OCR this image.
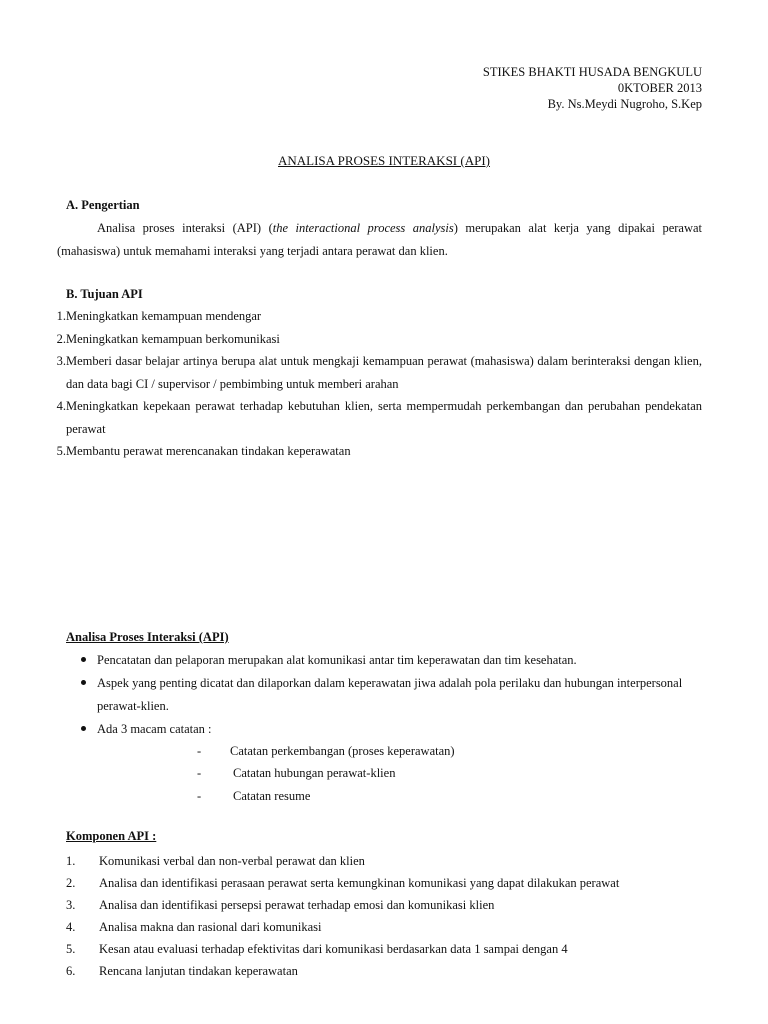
STIKES BHAKTI HUSADA BENGKULU
0KTOBER 2013
By. Ns.Meydi Nugroho, S.Kep
ANALISA PROSES INTERAKSI (API)
A. Pengertian
Analisa proses interaksi (API) (the interactional process analysis) merupakan alat kerja yang dipakai perawat (mahasiswa) untuk memahami interaksi yang terjadi antara perawat dan klien.
B. Tujuan API
1. Meningkatkan kemampuan mendengar
2. Meningkatkan kemampuan berkomunikasi
3. Memberi dasar belajar artinya berupa alat untuk mengkaji kemampuan perawat (mahasiswa) dalam berinteraksi dengan klien, dan data bagi CI / supervisor / pembimbing untuk memberi arahan
4. Meningkatkan kepekaan perawat terhadap kebutuhan klien, serta mempermudah perkembangan dan perubahan pendekatan perawat
5. Membantu perawat merencanakan tindakan keperawatan
Analisa Proses Interaksi (API)
Pencatatan dan pelaporan merupakan alat komunikasi antar tim keperawatan dan tim kesehatan.
Aspek yang penting dicatat dan dilaporkan dalam keperawatan jiwa adalah pola perilaku dan hubungan interpersonal perawat-klien.
Ada 3 macam catatan :
- Catatan perkembangan (proses keperawatan)
-	Catatan hubungan perawat-klien
-	Catatan resume
Komponen API :
1. Komunikasi verbal dan non-verbal perawat dan klien
2. Analisa dan identifikasi perasaan perawat serta kemungkinan komunikasi yang dapat dilakukan perawat
3. Analisa dan identifikasi persepsi perawat terhadap emosi dan komunikasi klien
4. Analisa makna dan rasional dari komunikasi
5. Kesan atau evaluasi terhadap efektivitas dari komunikasi berdasarkan data 1 sampai dengan 4
6. Rencana lanjutan tindakan keperawatan
